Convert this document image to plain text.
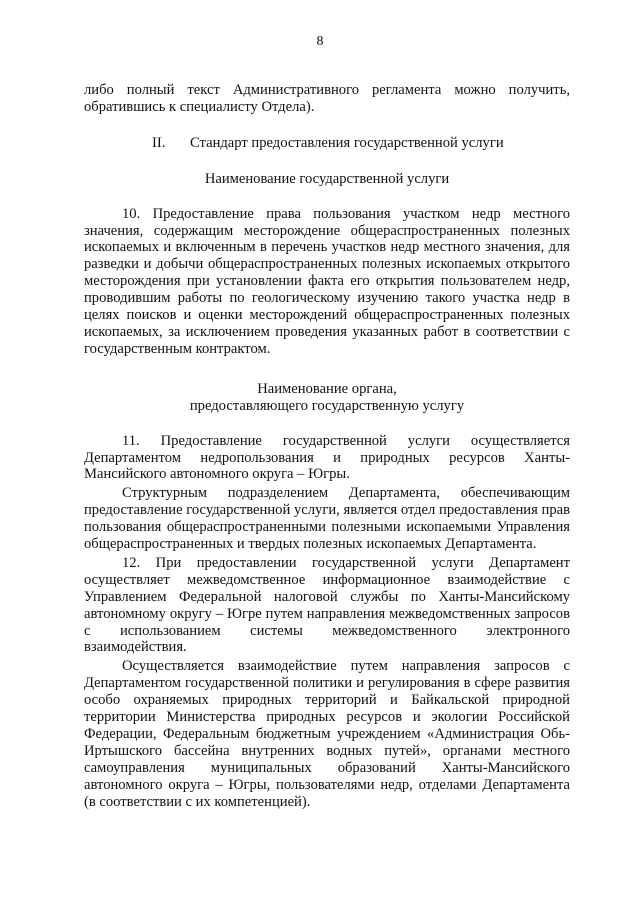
8

либо полный текст Административного регламента можно получить, обратившись к специалисту Отдела).

II. Стандарт предоставления государственной услуги
Наименование государственной услуги

10. Предоставление права пользования участком недр местного значения, содержащим месторождение общераспространенных полезных ископаемых и включенным в перечень участков недр местного значения, для разведки и добычи общераспространенных полезных ископаемых открытого месторождения при установлении факта его открытия пользователем недр, проводившим работы по геологическому изучению такого участка недр в целях поисков и оценки месторождений общераспространенных полезных ископаемых, за исключением проведения указанных работ в соответствии с государственным контрактом.

Наименование органа,
предоставляющего государственную услугу

11. Предоставление государственной услуги осуществляется Департаментом недропользования и природных ресурсов Ханты-Мансийского автономного округа – Югры.

Структурным подразделением Департамента, обеспечивающим предоставление государственной услуги, является отдел предоставления прав пользования общераспространенными полезными ископаемыми Управления общераспространенных и твердых полезных ископаемых Департамента.

12. При предоставлении государственной услуги Департамент осуществляет межведомственное информационное взаимодействие с Управлением Федеральной налоговой службы по Ханты-Мансийскому автономному округу – Югре путем направления межведомственных запросов с использованием системы межведомственного электронного взаимодействия.

Осуществляется взаимодействие путем направления запросов с Департаментом государственной политики и регулирования в сфере развития особо охраняемых природных территорий и Байкальской природной территории Министерства природных ресурсов и экологии Российской Федерации, Федеральным бюджетным учреждением «Администрация Обь-Иртышского бассейна внутренних водных путей», органами местного самоуправления муниципальных образований Ханты-Мансийского автономного округа – Югры, пользователями недр, отделами Департамента (в соответствии с их компетенцией).
